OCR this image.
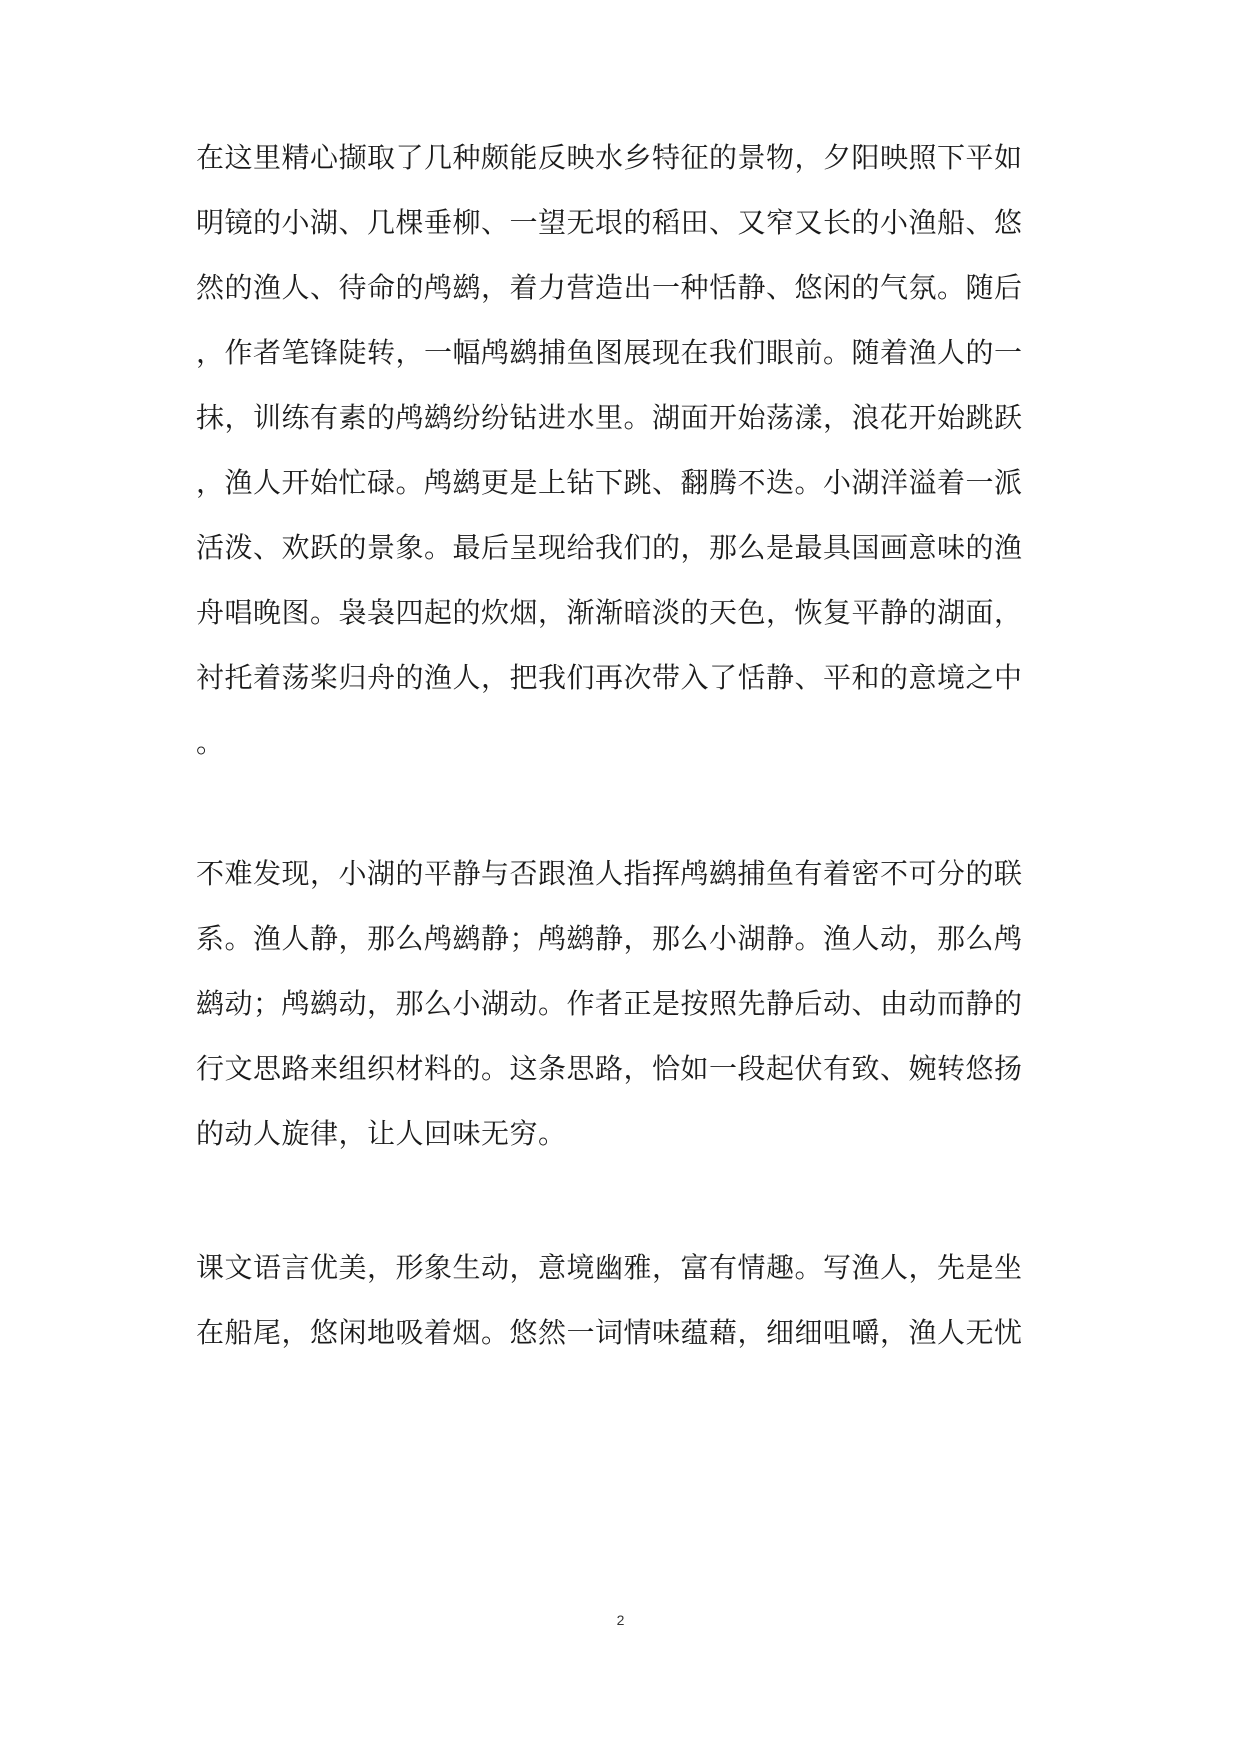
在这里精心撷取了几种颇能反映水乡特征的景物，夕阳映照下平如
明镜的小湖、几棵垂柳、一望无垠的稻田、又窄又长的小渔船、悠
然的渔人、待命的鸬鹚，着力营造出一种恬静、悠闲的气氛。随后
，作者笔锋陡转，一幅鸬鹚捕鱼图展现在我们眼前。随着渔人的一
抹，训练有素的鸬鹚纷纷钻进水里。湖面开始荡漾，浪花开始跳跃
，渔人开始忙碌。鸬鹚更是上钻下跳、翻腾不迭。小湖洋溢着一派
活泼、欢跃的景象。最后呈现给我们的，那么是最具国画意味的渔
舟唱晚图。袅袅四起的炊烟，渐渐暗淡的天色，恢复平静的湖面，
衬托着荡桨归舟的渔人，把我们再次带入了恬静、平和的意境之中
。
不难发现，小湖的平静与否跟渔人指挥鸬鹚捕鱼有着密不可分的联
系。渔人静，那么鸬鹚静；鸬鹚静，那么小湖静。渔人动，那么鸬
鹚动；鸬鹚动，那么小湖动。作者正是按照先静后动、由动而静的
行文思路来组织材料的。这条思路，恰如一段起伏有致、婉转悠扬
的动人旋律，让人回味无穷。
课文语言优美，形象生动，意境幽雅，富有情趣。写渔人，先是坐
在船尾，悠闲地吸着烟。悠然一词情味蕴藉，细细咀嚼，渔人无忧
2
